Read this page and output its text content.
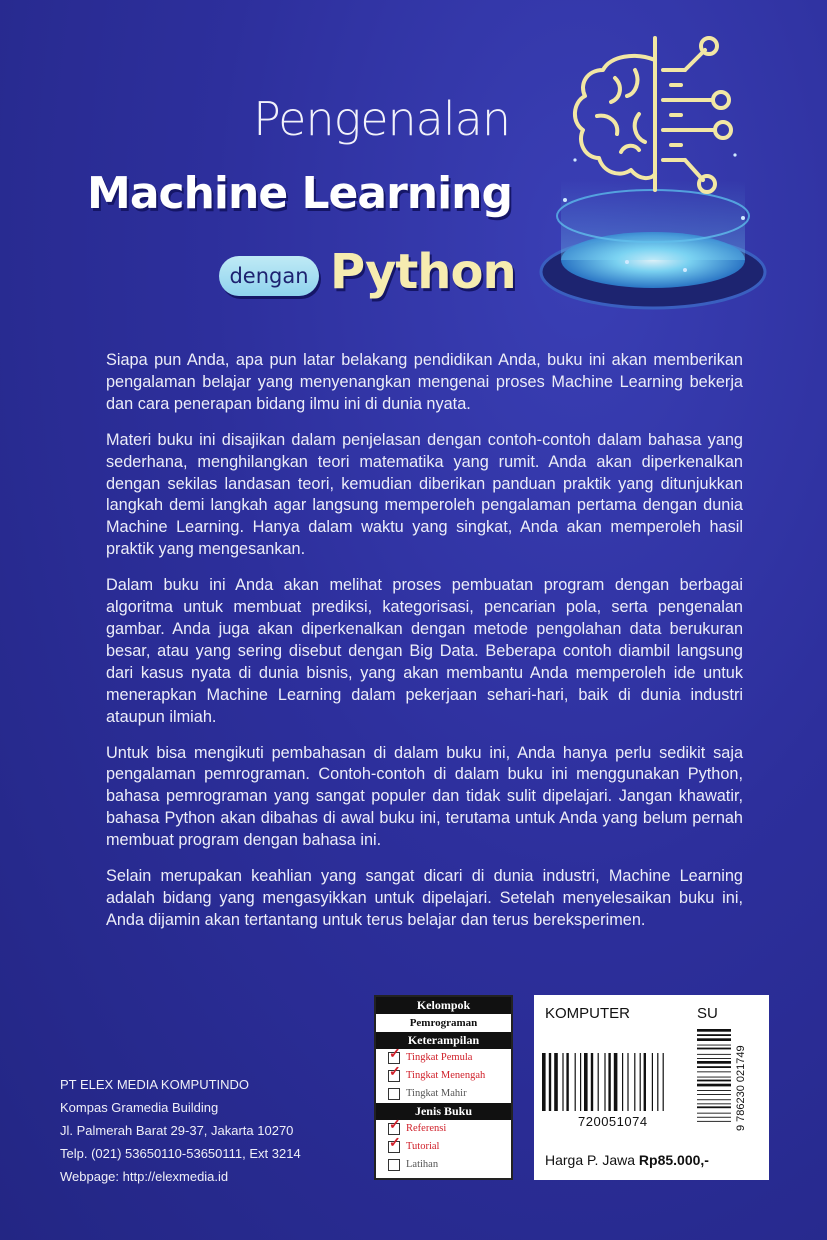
Pengenalan
Machine Learning
dengan Python

Siapa pun Anda, apa pun latar belakang pendidikan Anda, buku ini akan memberikan pengalaman belajar yang menyenangkan mengenai proses Machine Learning bekerja dan cara penerapan bidang ilmu ini di dunia nyata.

Materi buku ini disajikan dalam penjelasan dengan contoh-contoh dalam bahasa yang sederhana, menghilangkan teori matematika yang rumit. Anda akan diperkenalkan dengan sekilas landasan teori, kemudian diberikan panduan praktik yang ditunjukkan langkah demi langkah agar langsung memperoleh pengalaman pertama dengan dunia Machine Learning. Hanya dalam waktu yang singkat, Anda akan memperoleh hasil praktik yang mengesankan.

Dalam buku ini Anda akan melihat proses pembuatan program dengan berbagai algoritma untuk membuat prediksi, kategorisasi, pencarian pola, serta pengenalan gambar. Anda juga akan diperkenalkan dengan metode pengolahan data berukuran besar, atau yang sering disebut dengan Big Data. Beberapa contoh diambil langsung dari kasus nyata di dunia bisnis, yang akan membantu Anda memperoleh ide untuk menerapkan Machine Learning dalam pekerjaan sehari-hari, baik di dunia industri ataupun ilmiah.

Untuk bisa mengikuti pembahasan di dalam buku ini, Anda hanya perlu sedikit saja pengalaman pemrograman. Contoh-contoh di dalam buku ini menggunakan Python, bahasa pemrograman yang sangat populer dan tidak sulit dipelajari. Jangan khawatir, bahasa Python akan dibahas di awal buku ini, terutama untuk Anda yang belum pernah membuat program dengan bahasa ini.

Selain merupakan keahlian yang sangat dicari di dunia industri, Machine Learning adalah bidang yang mengasyikkan untuk dipelajari. Setelah menyelesaikan buku ini, Anda dijamin akan tertantang untuk terus belajar dan terus bereksperimen.

PT ELEX MEDIA KOMPUTINDO
Kompas Gramedia Building
Jl. Palmerah Barat 29-37, Jakarta 10270
Telp. (021) 53650110-53650111, Ext 3214
Webpage: http://elexmedia.id
Kelompok
Pemrograman
Keterampilan
✓Tingkat Pemula
✓Tingkat Menengah
Tingkat Mahir
Jenis Buku
✓Referensi
✓Tutorial
Latihan
KOMPUTER	SU
720051074	9 786230 021749
Harga P. Jawa Rp85.000,-
